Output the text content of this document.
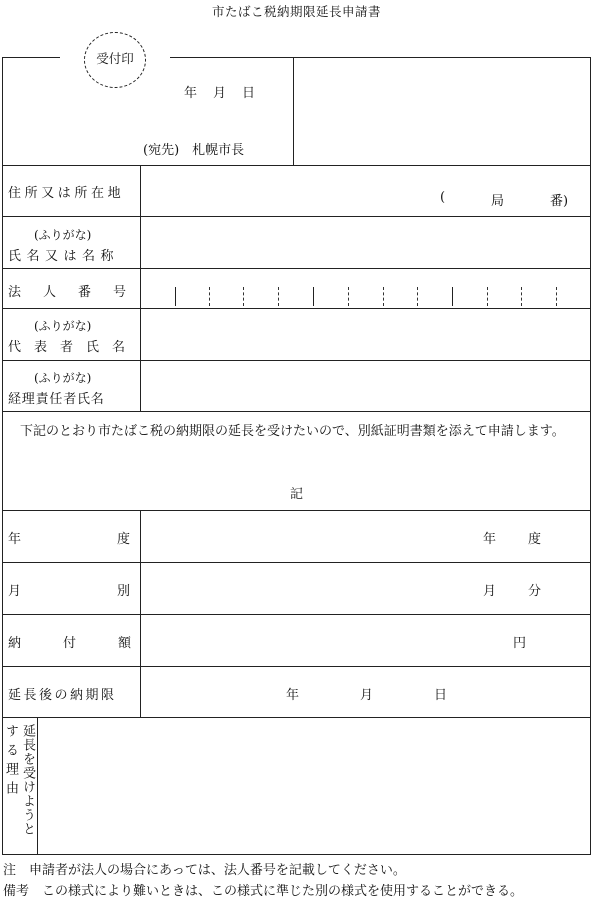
市たばこ税納期限延長申請書
受付印
年 月 日
(宛先)　札幌市長
住所又は所在地	(	局	番)
(ふりがな)
氏名又は名称
法人番号
(ふりがな)
代表者氏名
(ふりがな)
経理責任者氏名
下記のとおり市たばこ税の納期限の延長を受けたいので、別紙証明書類を添えて申請します。
記
年度	年 度
月別	月 分
納付額	円
延長後の納期限	年	月	日
延長を受けようと
する理由
注　申請者が法人の場合にあっては、法人番号を記載してください。
備考　この様式により難いときは、この様式に準じた別の様式を使用することができる。
